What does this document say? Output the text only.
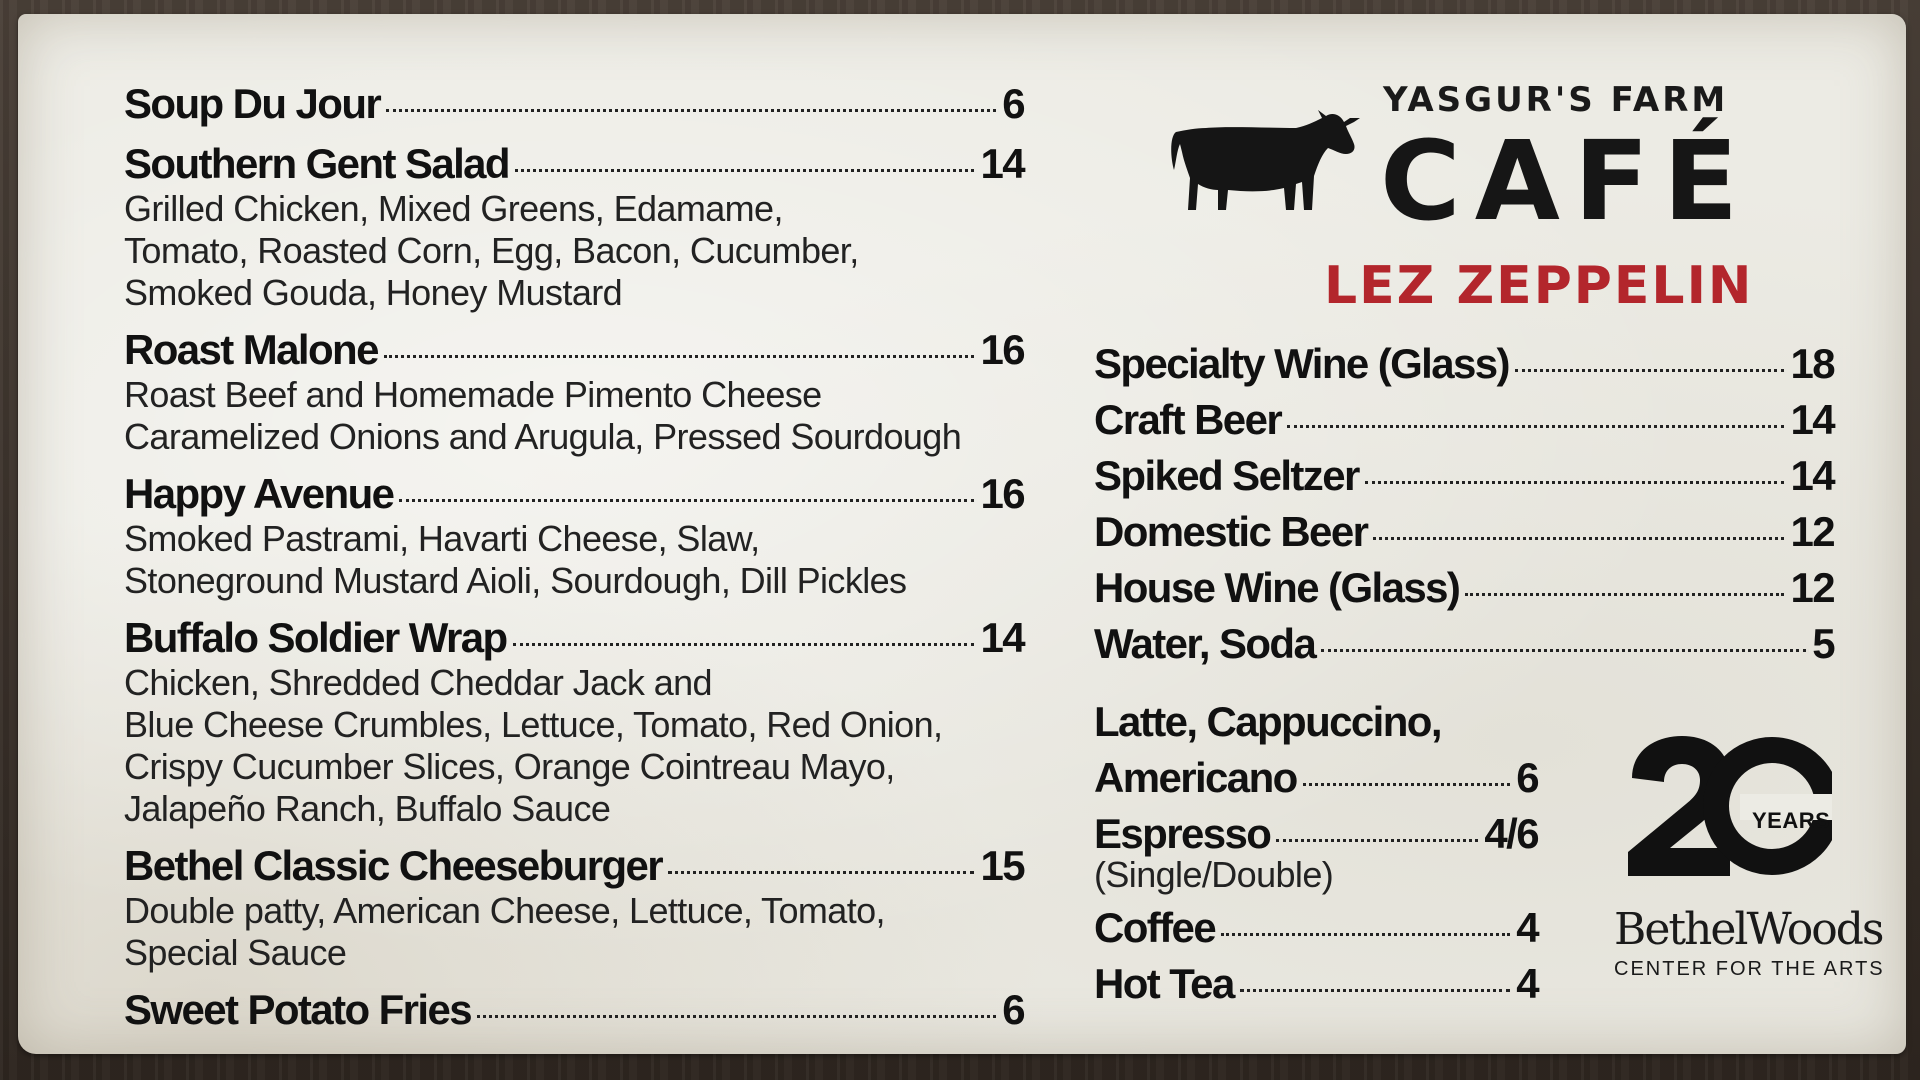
Soup Du Jour	6
Southern Gent Salad	14
Grilled Chicken, Mixed Greens, Edamame,
Tomato, Roasted Corn, Egg, Bacon, Cucumber,
Smoked Gouda, Honey Mustard
Roast Malone	16
Roast Beef and Homemade Pimento Cheese
Caramelized Onions and Arugula, Pressed Sourdough
Happy Avenue	16
Smoked Pastrami, Havarti Cheese, Slaw,
Stoneground Mustard Aioli, Sourdough, Dill Pickles
Buffalo Soldier Wrap	14
Chicken, Shredded Cheddar Jack and
Blue Cheese Crumbles, Lettuce, Tomato, Red Onion,
Crispy Cucumber Slices, Orange Cointreau Mayo,
Jalapeño Ranch, Buffalo Sauce
Bethel Classic Cheeseburger	15
Double patty, American Cheese, Lettuce, Tomato,
Special Sauce
Sweet Potato Fries	6
YASGUR'S FARM
CAFÉ
LEZ ZEPPELIN
Specialty Wine (Glass)	18
Craft Beer	14
Spiked Seltzer	14
Domestic Beer	12
House Wine (Glass)	12
Water, Soda	5
Latte, Cappuccino,
Americano	6
Espresso	4/6
(Single/Double)
Coffee	4
Hot Tea	4
YEARS
BethelWoods
CENTER FOR THE ARTS
